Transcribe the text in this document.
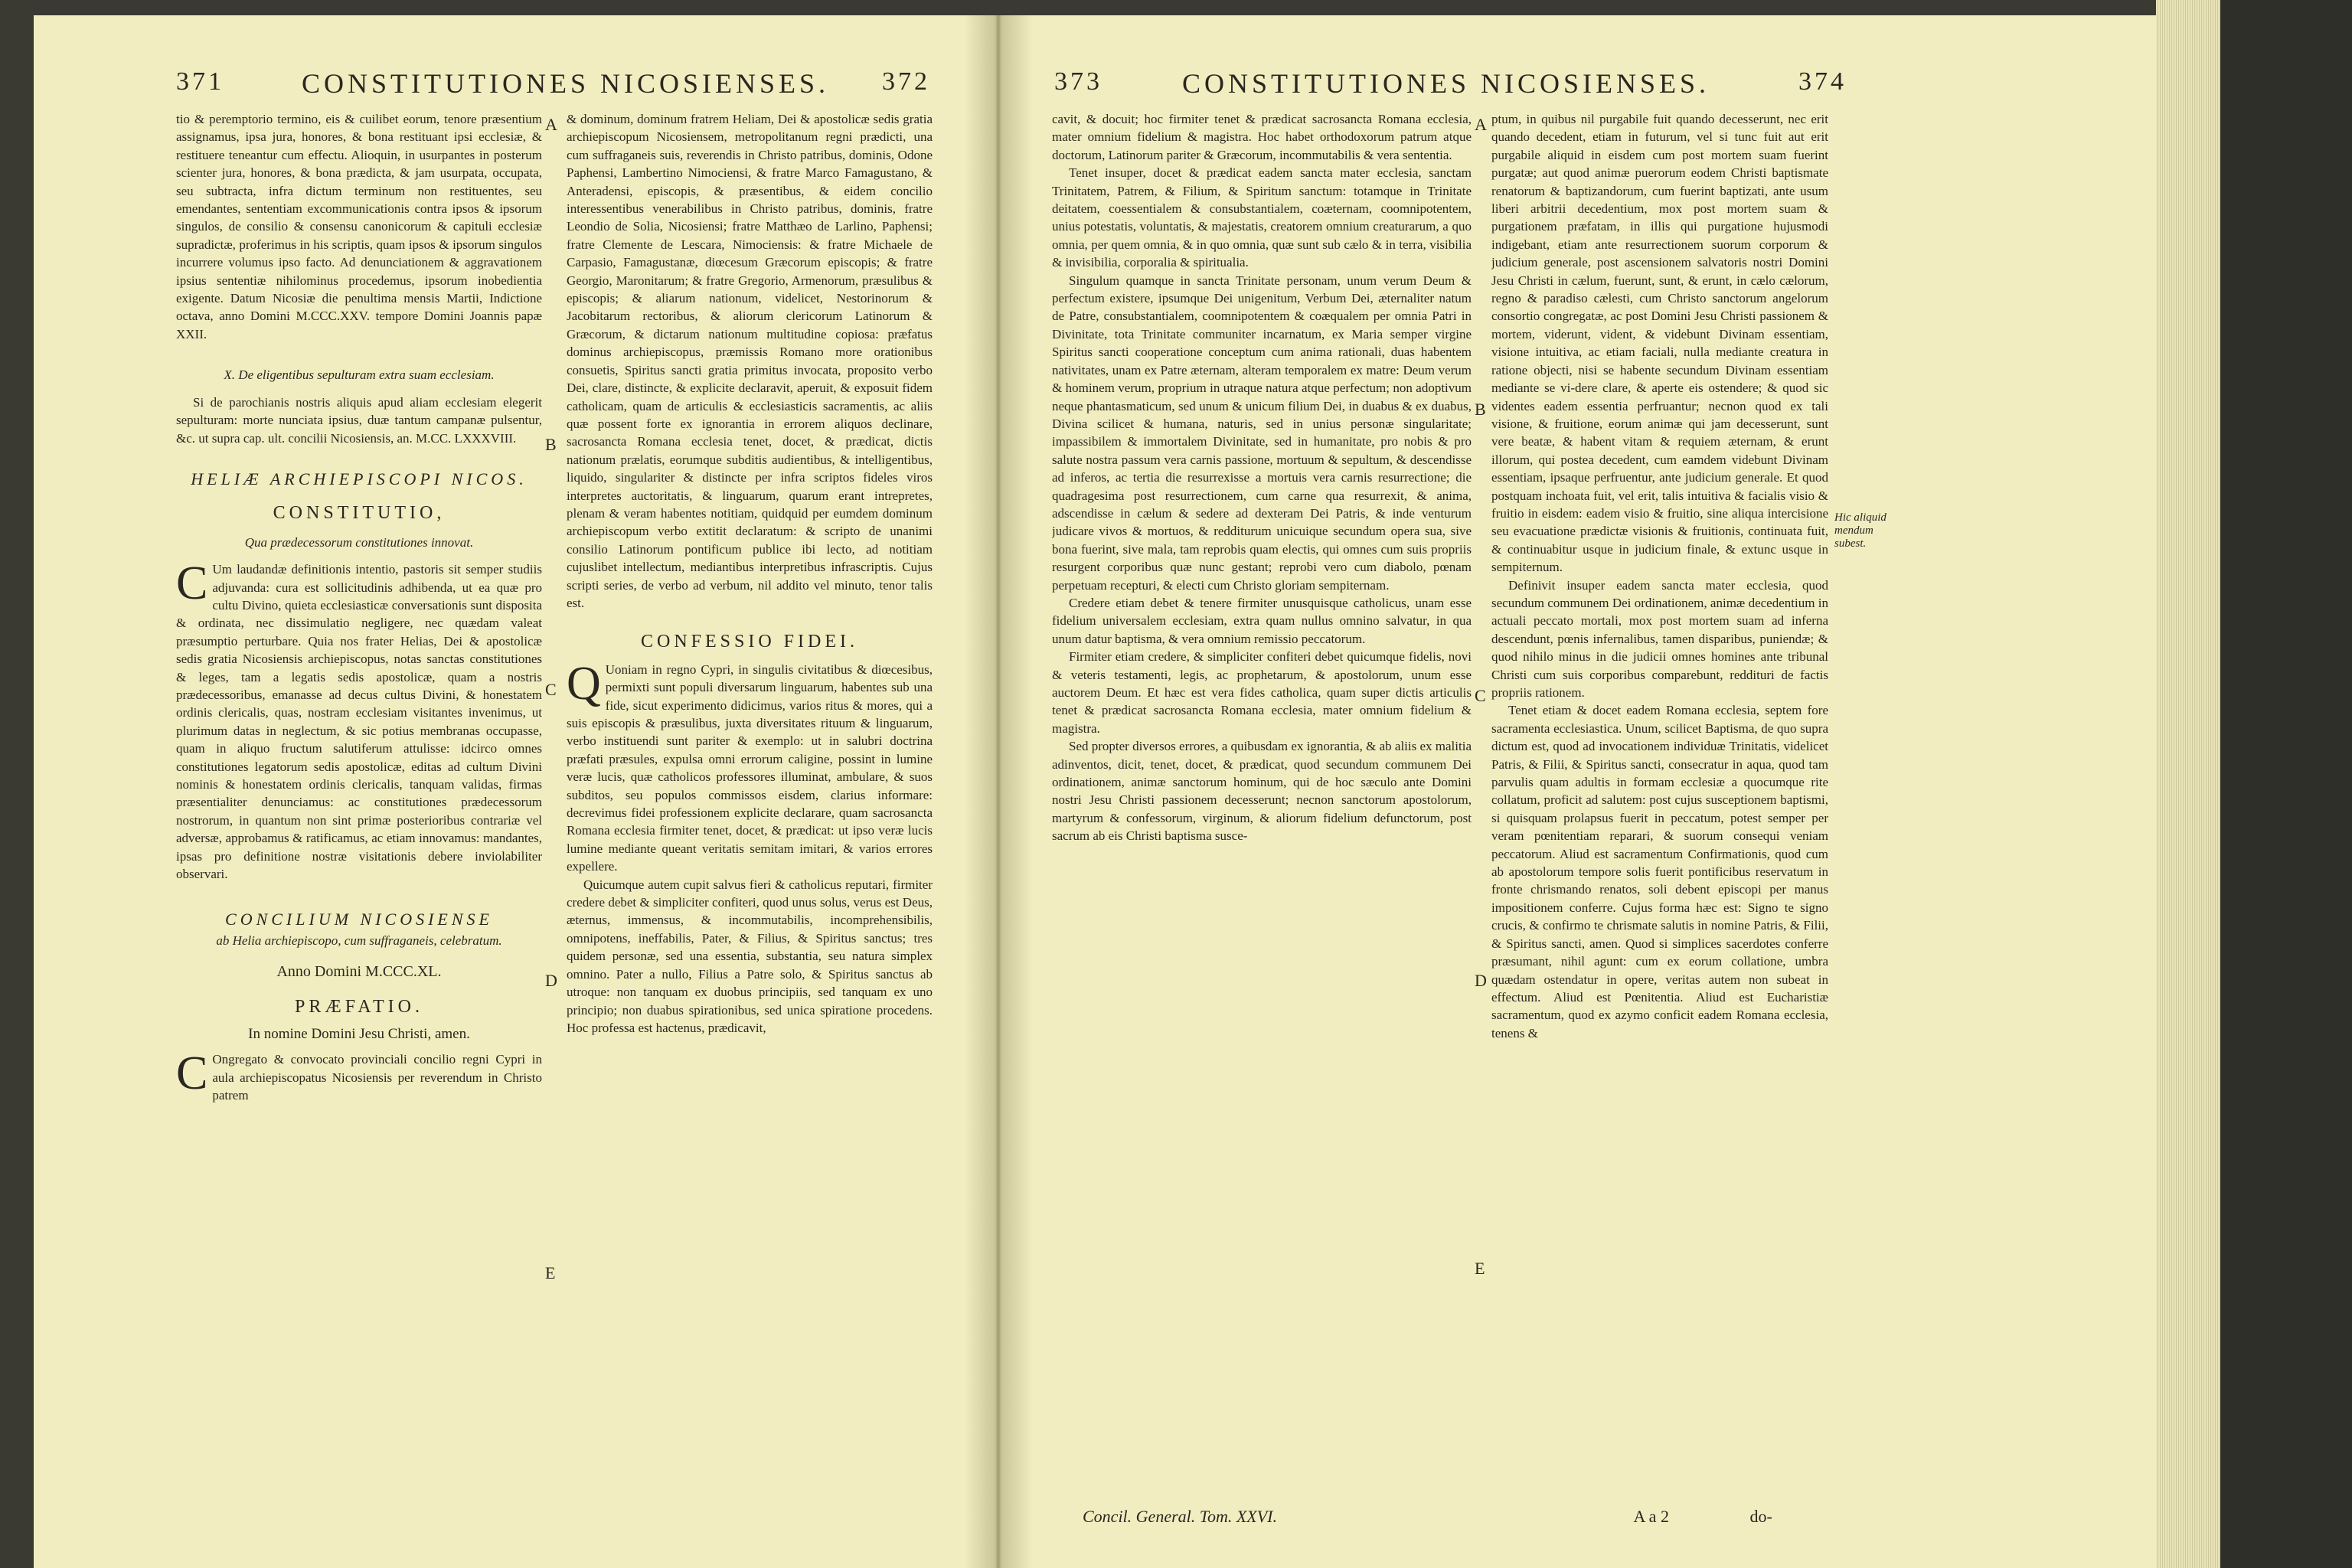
371	CONSTITUTIONES NICOSIENSES. 372	373	CONSTITUTIONES NICOSIENSES.	374

tio & peremptorio termino, eis & cuilibet eorum, tenore præsentium assignamus, ipsa jura, honores, & bona restituant ipsi ecclesiæ, & restituere teneantur cum effectu. Alioquin, in usurpantes in posterum scienter jura, honores, & bona prædicta, & jam usurpata, occupata, seu subtracta, infra dictum terminum non restituentes, seu emendantes, sententiam excommunicationis contra ipsos & ipsorum singulos, de consilio & consensu canonicorum & capituli ecclesiæ supradictæ, proferimus in his scriptis, quam ipsos & ipsorum singulos incurrere volumus ipso facto. Ad denunciationem & aggravationem ipsius sententiæ nihilominus procedemus, ipsorum inobedientia exigente. Datum Nicosiæ die penultima mensis Martii, Indictione octava, anno Domini M.CCC.XXV. tempore Domini Joannis papæ XXII.

X. De eligentibus sepulturam extra suam ecclesiam.

Si de parochianis nostris aliquis apud aliam ecclesiam elegerit sepulturam: morte nunciata ipsius, duæ tantum campanæ pulsentur, &c. ut supra cap. ult. concilii Nicosiensis, an. M.CC. LXXXVIII.

HELIÆ ARCHIEPISCOPI NICOS.
CONSTITUTIO,
Qua prædecessorum constitutiones innovat.

C Um laudandæ definitionis intentio, pastoris sit semper studiis adjuvanda: cura est sollicitudinis adhibenda, ut ea quæ pro cultu Divino, quieta ecclesiasticæ conversationis sunt disposita & ordinata, nec dissimulatio negligere, nec quædam valeat præsumptio perturbare. Quia nos frater Helias, Dei & apostolicæ sedis gratia Nicosiensis archiepiscopus, notas sanctas constitutiones & leges, tam a legatis sedis apostolicæ, quam a nostris prædecessoribus, emanasse ad decus cultus Divini, & honestatem ordinis clericalis, quas, nostram ecclesiam visitantes invenimus, ut plurimum datas in neglectum, & sic potius membranas occupasse, quam in aliquo fructum salutiferum attulisse: idcirco omnes constitutiones legatorum sedis apostolicæ, editas ad cultum Divini nominis & honestatem ordinis clericalis, tanquam validas, firmas præsentialiter denunciamus: ac constitutiones prædecessorum nostrorum, in quantum non sint primæ posterioribus contrariæ vel adversæ, approbamus & ratificamus, ac etiam innovamus: mandantes, ipsas pro definitione nostræ visitationis debere inviolabiliter observari.

CONCILIUM NICOSIENSE
ab Helia archiepiscopo, cum suffraganeis, celebratum.
Anno Domini M.CCC.XL.
PRÆFATIO.
In nomine Domini Jesu Christi, amen.

C Ongregato & convocato provinciali concilio regni Cypri in aula archiepiscopatus Nicosiensis per reverendum in Christo patrem

A
B
C
D
E

& dominum, dominum fratrem Heliam, Dei & apostolicæ sedis gratia archiepiscopum Nicosiensem, metropolitanum regni prædicti, una cum suffraganeis suis, reverendis in Christo patribus, dominis, Odone Paphensi, Lambertino Nimociensi, & fratre Marco Famagustano, & Anteradensi, episcopis, & præsentibus, & eidem concilio interessentibus venerabilibus in Christo patribus, dominis, fratre Leondio de Solia, Nicosiensi; fratre Matthæo de Larlino, Paphensi; fratre Clemente de Lescara, Nimociensis: & fratre Michaele de Carpasio, Famagustanæ, diœcesum Græcorum episcopis; & fratre Georgio, Maronitarum; & fratre Gregorio, Armenorum, præsulibus & episcopis; & aliarum nationum, videlicet, Nestorinorum & Jacobitarum rectoribus, & aliorum clericorum Latinorum & Græcorum, & dictarum nationum multitudine copiosa: præfatus dominus archiepiscopus, præmissis Romano more orationibus consuetis, Spiritus sancti gratia primitus invocata, proposito verbo Dei, clare, distincte, & explicite declaravit, aperuit, & exposuit fidem catholicam, quam de articulis & ecclesiasticis sacramentis, ac aliis quæ possent forte ex ignorantia in errorem aliquos declinare, sacrosancta Romana ecclesia tenet, docet, & prædicat, dictis nationum prælatis, eorumque subditis audientibus, & intelligentibus, liquido, singulariter & distincte per infra scriptos fideles viros interpretes auctoritatis, & linguarum, quarum erant intrepretes, plenam & veram habentes notitiam, quidquid per eumdem dominum archiepiscopum verbo extitit declaratum: & scripto de unanimi consilio Latinorum pontificum publice ibi lecto, ad notitiam cujuslibet intellectum, mediantibus interpretibus infrascriptis. Cujus scripti series, de verbo ad verbum, nil addito vel minuto, tenor talis est.

CONFESSIO FIDEI.

Q Uoniam in regno Cypri, in singulis civitatibus & diœcesibus, permixti sunt populi diversarum linguarum, habentes sub una fide, sicut experimento didicimus, varios ritus & mores, qui a suis episcopis & præsulibus, juxta diversitates rituum & linguarum, verbo instituendi sunt pariter & exemplo: ut in salubri doctrina præfati præsules, expulsa omni errorum caligine, possint in lumine veræ lucis, quæ catholicos professores illuminat, ambulare, & suos subditos, seu populos commissos eisdem, clarius informare: decrevimus fidei professionem explicite declarare, quam sacrosancta Romana ecclesia firmiter tenet, docet, & prædicat: ut ipso veræ lucis lumine mediante queant veritatis semitam imitari, & varios errores expellere.

Quicumque autem cupit salvus fieri & catholicus reputari, firmiter credere debet & simpliciter confiteri, quod unus solus, verus est Deus, æternus, immensus, & incommutabilis, incomprehensibilis, omnipotens, ineffabilis, Pater, & Filius, & Spiritus sanctus; tres quidem personæ, sed una essentia, substantia, seu natura simplex omnino. Pater a nullo, Filius a Patre solo, & Spiritus sanctus ab utroque: non tanquam ex duobus principiis, sed tanquam ex uno principio; non duabus spirationibus, sed unica spiratione procedens. Hoc professa est hactenus, prædicavit,

cavit, & docuit; hoc firmiter tenet & prædicat sacrosancta Romana ecclesia, mater omnium fidelium & magistra. Hoc habet orthodoxorum patrum atque doctorum, Latinorum pariter & Græcorum, incommutabilis & vera sententia.

Tenet insuper, docet & prædicat eadem sancta mater ecclesia, sanctam Trinitatem, Patrem, & Filium, & Spiritum sanctum: totamque in Trinitate deitatem, coessentialem & consubstantialem, coæternam, coomnipotentem, unius potestatis, voluntatis, & majestatis, creatorem omnium creaturarum, a quo omnia, per quem omnia, & in quo omnia, quæ sunt sub cælo & in terra, visibilia & invisibilia, corporalia & spiritualia.

Singulum quamque in sancta Trinitate personam, unum verum Deum & perfectum existere, ipsumque Dei unigenitum, Verbum Dei, æternaliter natum de Patre, consubstantialem, coomnipotentem & coæqualem per omnia Patri in Divinitate, tota Trinitate communiter incarnatum, ex Maria semper virgine Spiritus sancti cooperatione conceptum cum anima rationali, duas habentem nativitates, unam ex Patre æternam, alteram temporalem ex matre: Deum verum & hominem verum, proprium in utraque natura atque perfectum; non adoptivum neque phantasmaticum, sed unum & unicum filium Dei, in duabus & ex duabus, Divina scilicet & humana, naturis, sed in unius personæ singularitate; impassibilem & immortalem Divinitate, sed in humanitate, pro nobis & pro salute nostra passum vera carnis passione, mortuum & sepultum, & descendisse ad inferos, ac tertia die resurrexisse a mortuis vera carnis resurrectione; die quadragesima post resurrectionem, cum carne qua resurrexit, & anima, adscendisse in cælum & sedere ad dexteram Dei Patris, & inde venturum judicare vivos & mortuos, & redditurum unicuique secundum opera sua, sive bona fuerint, sive mala, tam reprobis quam electis, qui omnes cum suis propriis resurgent corporibus quæ nunc gestant; reprobi vero cum diabolo, pœnam perpetuam recepturi, & electi cum Christo gloriam sempiternam.

Credere etiam debet & tenere firmiter unusquisque catholicus, unam esse fidelium universalem ecclesiam, extra quam nullus omnino salvatur, in qua unum datur baptisma, & vera omnium remissio peccatorum.

Firmiter etiam credere, & simpliciter confiteri debet quicumque fidelis, novi & veteris testamenti, legis, ac prophetarum, & apostolorum, unum esse auctorem Deum. Et hæc est vera fides catholica, quam super dictis articulis tenet & prædicat sacrosancta Romana ecclesia, mater omnium fidelium & magistra.

Sed propter diversos errores, a quibusdam ex ignorantia, & ab aliis ex malitia adinventos, dicit, tenet, docet, & prædicat, quod secundum communem Dei ordinationem, animæ sanctorum hominum, qui de hoc sæculo ante Domini nostri Jesu Christi passionem decesserunt; necnon sanctorum apostolorum, martyrum & confessorum, virginum, & aliorum fidelium defunctorum, post sacrum ab eis Christi baptisma susce-

A
B
C
D
E

ptum, in quibus nil purgabile fuit quando decesserunt, nec erit quando decedent, etiam in futurum, vel si tunc fuit aut erit purgabile aliquid in eisdem cum post mortem suam fuerint purgatæ; aut quod animæ puerorum eodem Christi baptismate renatorum & baptizandorum, cum fuerint baptizati, ante usum liberi arbitrii decedentium, mox post mortem suam & purgationem præfatam, in illis qui purgatione hujusmodi indigebant, etiam ante resurrectionem suorum corporum & judicium generale, post ascensionem salvatoris nostri Domini Jesu Christi in cælum, fuerunt, sunt, & erunt, in cælo cælorum, regno & paradiso cælesti, cum Christo sanctorum angelorum consortio congregatæ, ac post Domini Jesu Christi passionem & mortem, viderunt, vident, & videbunt Divinam essentiam, visione intuitiva, ac etiam faciali, nulla mediante creatura in ratione objecti, nisi se habente secundum Divinam essentiam mediante se vi-dere clare, & aperte eis ostendere; & quod sic videntes eadem essentia perfruantur; necnon quod ex tali visione, & fruitione, eorum animæ qui jam decesserunt, sunt vere beatæ, & habent vitam & requiem æternam, & erunt illorum, qui postea decedent, cum eamdem videbunt Divinam essentiam, ipsaque perfruentur, ante judicium generale. Et quod postquam inchoata fuit, vel erit, talis intuitiva & facialis visio & fruitio in eisdem: eadem visio & fruitio, sine aliqua intercisione seu evacuatione prædictæ visionis & fruitionis, continuata fuit, & continuabitur usque in judicium finale, & extunc usque in sempiternum.

Definivit insuper eadem sancta mater ecclesia, quod secundum communem Dei ordinationem, animæ decedentium in actuali peccato mortali, mox post mortem suam ad inferna descendunt, pœnis infernalibus, tamen disparibus, puniendæ; & quod nihilo minus in die judicii omnes homines ante tribunal Christi cum suis corporibus comparebunt, reddituri de factis propriis rationem.

Tenet etiam & docet eadem Romana ecclesia, septem fore sacramenta ecclesiastica. Unum, scilicet Baptisma, de quo supra dictum est, quod ad invocationem individuæ Trinitatis, videlicet Patris, & Filii, & Spiritus sancti, consecratur in aqua, quod tam parvulis quam adultis in formam ecclesiæ a quocumque rite collatum, proficit ad salutem: post cujus susceptionem baptismi, si quisquam prolapsus fuerit in peccatum, potest semper per veram pœnitentiam reparari, & suorum consequi veniam peccatorum. Aliud est sacramentum Confirmationis, quod cum ab apostolorum tempore solis fuerit pontificibus reservatum in fronte chrismando renatos, soli debent episcopi per manus impositionem conferre. Cujus forma hæc est: Signo te signo crucis, & confirmo te chrismate salutis in nomine Patris, & Filii, & Spiritus sancti, amen. Quod si simplices sacerdotes conferre præsumant, nihil agunt: cum ex eorum collatione, umbra quædam ostendatur in opere, veritas autem non subeat in effectum. Aliud est Pœnitentia. Aliud est Eucharistiæ sacramentum, quod ex azymo conficit eadem Romana ecclesia, tenens &

Hic aliquid mendum subest.
Concil. General. Tom. XXVI.	A a 2	do-
